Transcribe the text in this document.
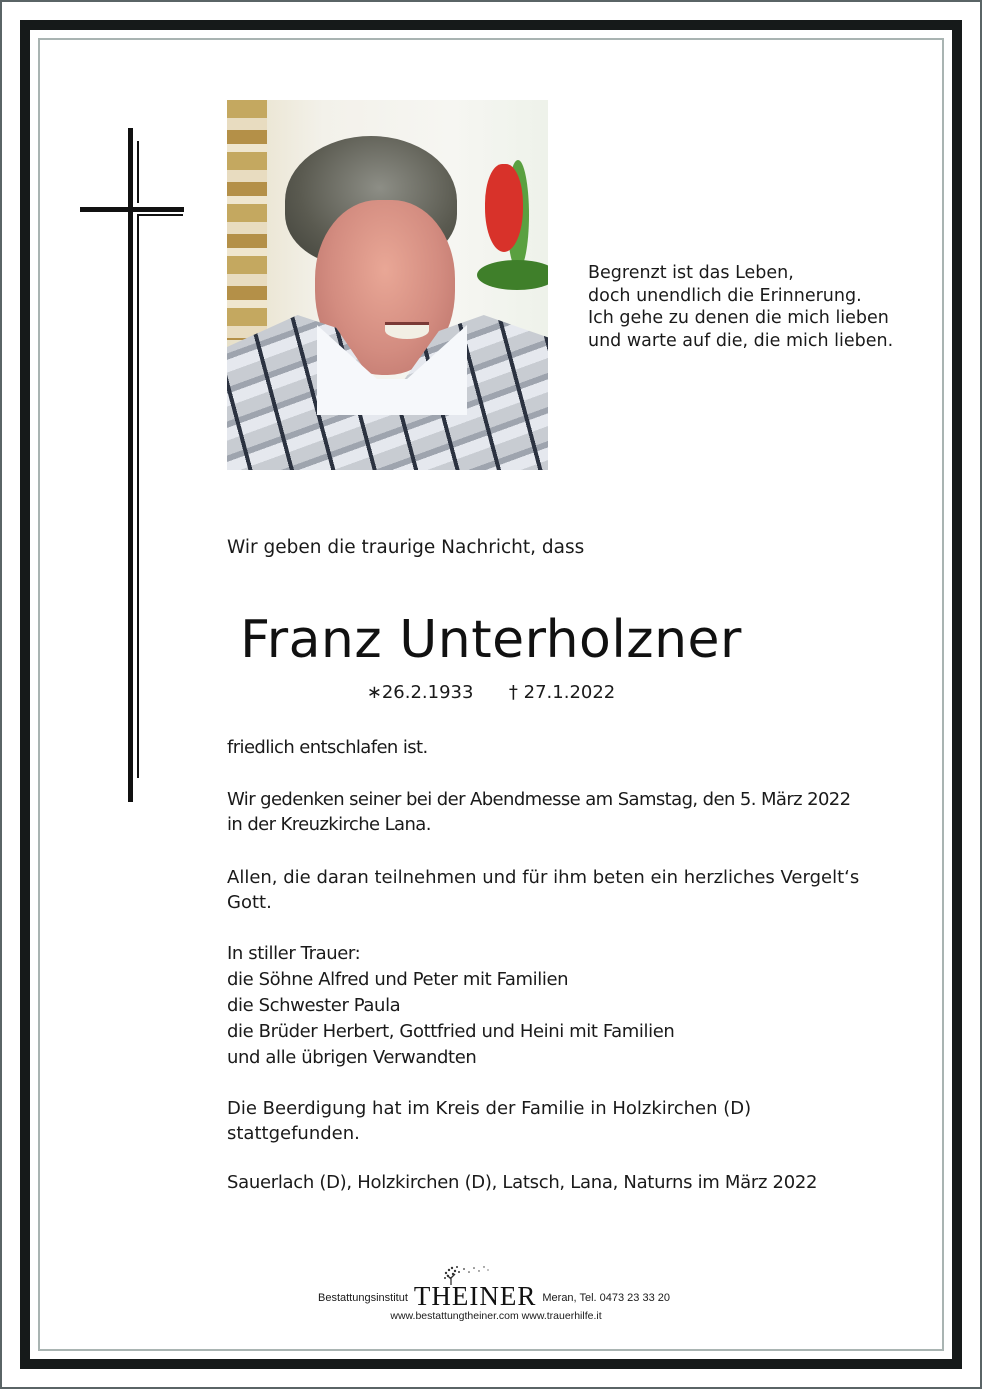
Begrenzt ist das Leben,
doch unendlich die Erinnerung.
Ich gehe zu denen die mich lieben
und warte auf die, die mich lieben.
Wir geben die traurige Nachricht, dass
Franz Unterholzner
∗26.2.1933 † 27.1.2022
friedlich entschlafen ist.
Wir gedenken seiner bei der Abendmesse am Samstag, den 5. März 2022
in der Kreuzkirche Lana.
Allen, die daran teilnehmen und für ihm beten ein herzliches Vergelt‘s
Gott.
In stiller Trauer:
die Söhne Alfred und Peter mit Familien
die Schwester Paula
die Brüder Herbert, Gottfried und Heini mit Familien
und alle übrigen Verwandten
Die Beerdigung hat im Kreis der Familie in Holzkirchen (D)
stattgefunden.
Sauerlach (D), Holzkirchen (D), Latsch, Lana, Naturns im März 2022
Bestattungsinstitut THEINER Meran, Tel. 0473 23 33 20
www.bestattungtheiner.com www.trauerhilfe.it
